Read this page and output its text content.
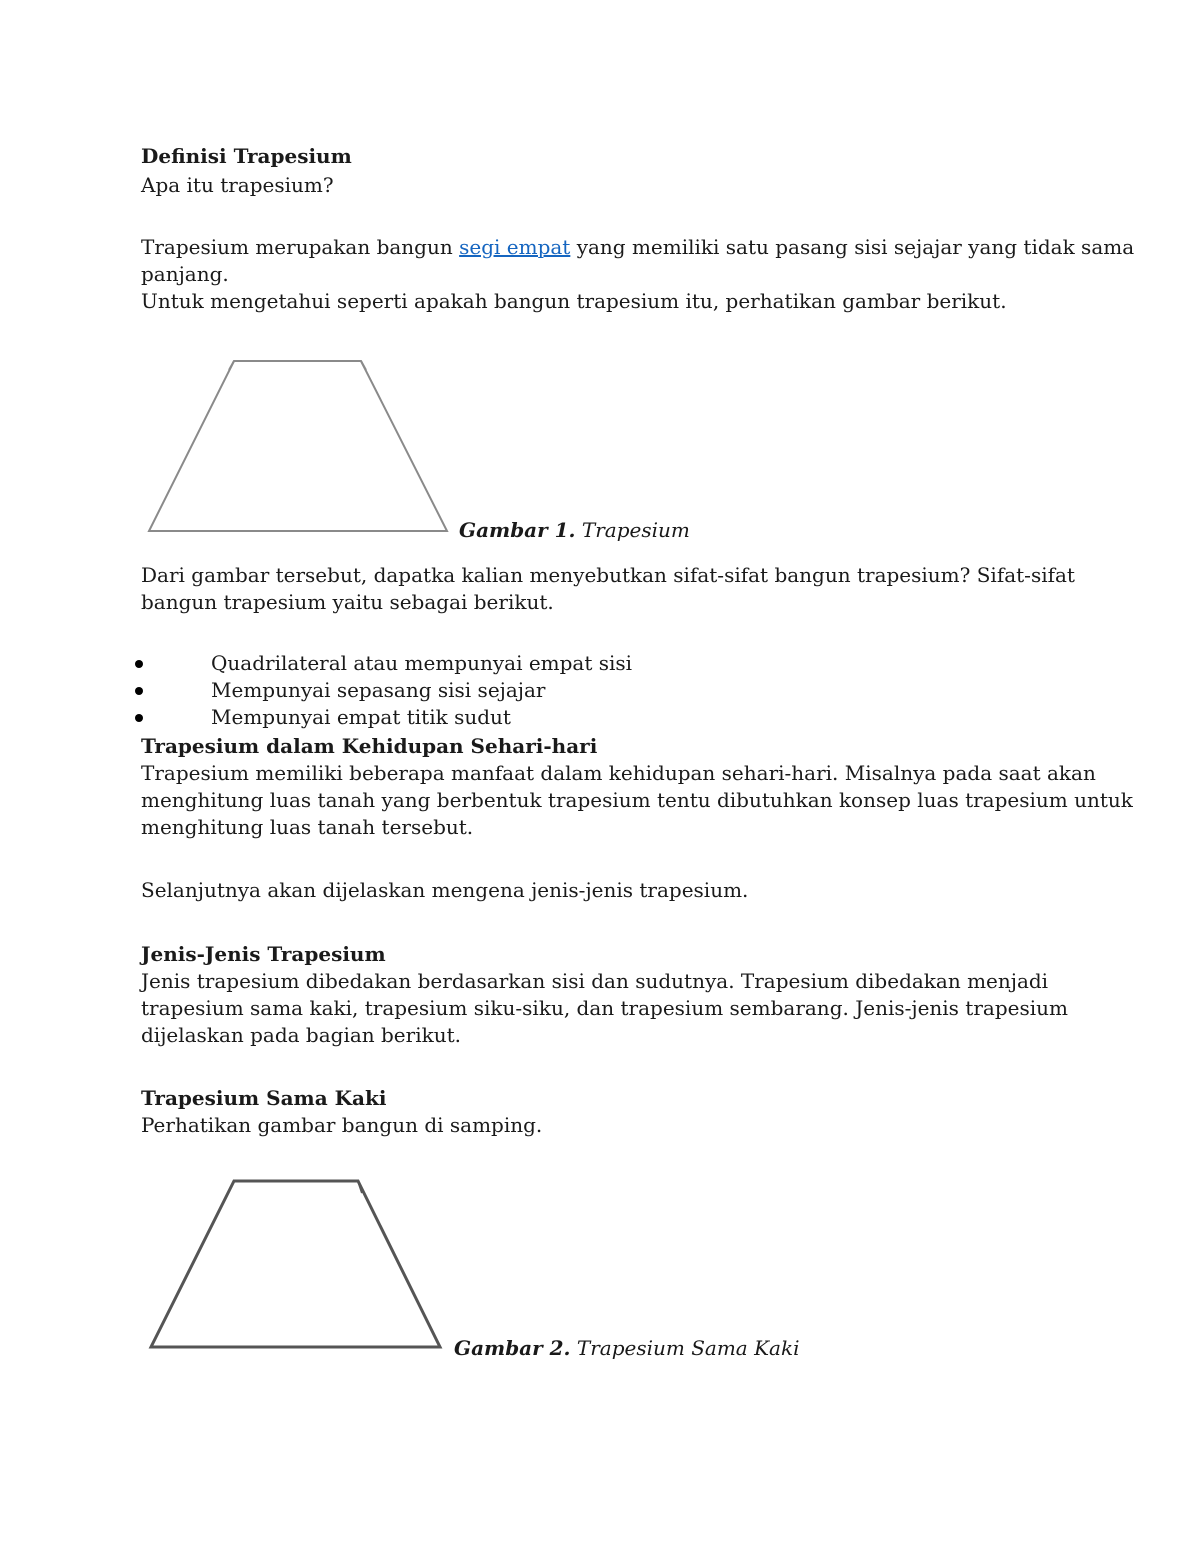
Definisi Trapesium
Apa itu trapesium?
Trapesium merupakan bangun segi empat yang memiliki satu pasang sisi sejajar yang tidak sama
panjang.
Untuk mengetahui seperti apakah bangun trapesium itu, perhatikan gambar berikut.
Gambar 1. Trapesium
Dari gambar tersebut, dapatka kalian menyebutkan sifat-sifat bangun trapesium? Sifat-sifat
bangun trapesium yaitu sebagai berikut.
Quadrilateral atau mempunyai empat sisi
Mempunyai sepasang sisi sejajar
Mempunyai empat titik sudut
Trapesium dalam Kehidupan Sehari-hari
Trapesium memiliki beberapa manfaat dalam kehidupan sehari-hari. Misalnya pada saat akan
menghitung luas tanah yang berbentuk trapesium tentu dibutuhkan konsep luas trapesium untuk
menghitung luas tanah tersebut.
Selanjutnya akan dijelaskan mengena jenis-jenis trapesium.
Jenis-Jenis Trapesium
Jenis trapesium dibedakan berdasarkan sisi dan sudutnya. Trapesium dibedakan menjadi
trapesium sama kaki, trapesium siku-siku, dan trapesium sembarang. Jenis-jenis trapesium
dijelaskan pada bagian berikut.
Trapesium Sama Kaki
Perhatikan gambar bangun di samping.
Gambar 2. Trapesium Sama Kaki
